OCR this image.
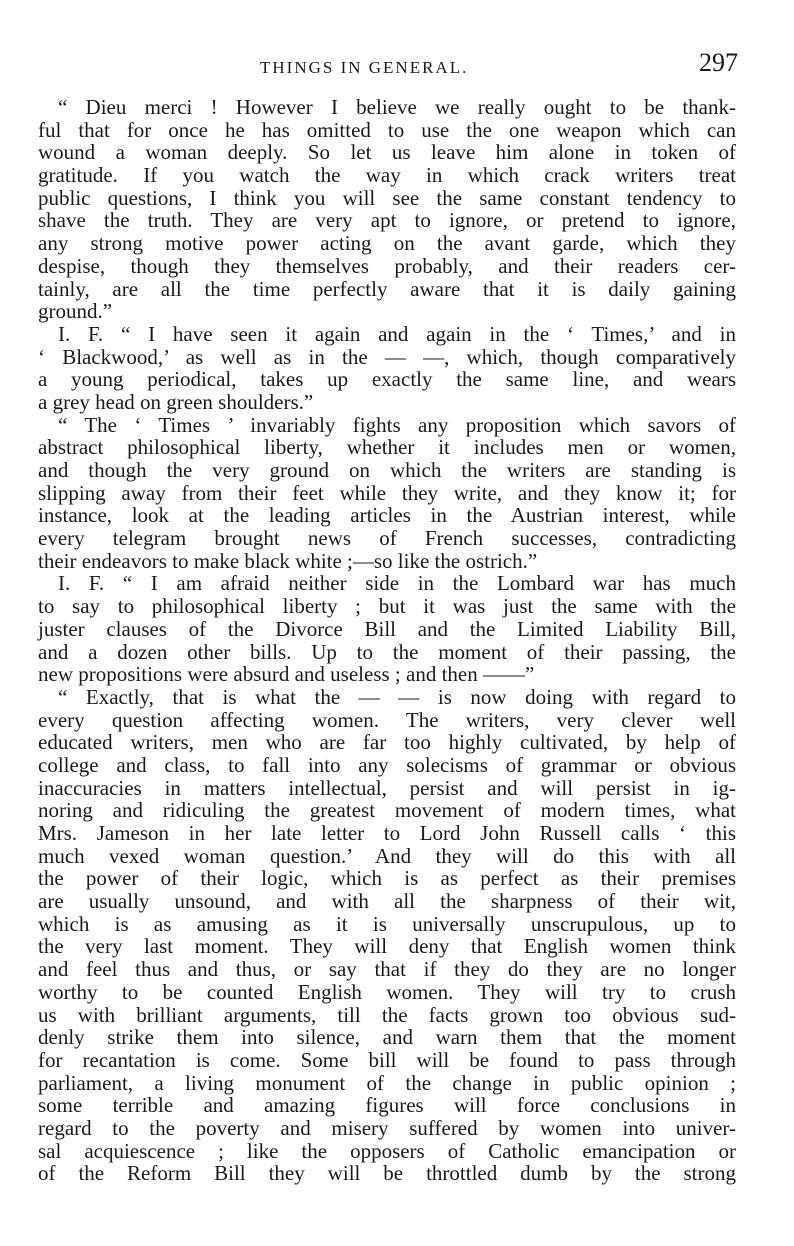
THINGS IN GENERAL.	297
“ Dieu merci ! However I believe we really ought to be thank-
ful that for once he has omitted to use the one weapon which can
wound a woman deeply. So let us leave him alone in token of
gratitude. If you watch the way in which crack writers treat
public questions, I think you will see the same constant tendency to
shave the truth. They are very apt to ignore, or pretend to ignore,
any strong motive power acting on the avant garde, which they
despise, though they themselves probably, and their readers cer-
tainly, are all the time perfectly aware that it is daily gaining
ground.”
I. F. “ I have seen it again and again in the ‘ Times,’ and in
‘ Blackwood,’ as well as in the — —, which, though comparatively
a young periodical, takes up exactly the same line, and wears
a grey head on green shoulders.”
“ The ‘ Times ’ invariably fights any proposition which savors of
abstract philosophical liberty, whether it includes men or women,
and though the very ground on which the writers are standing is
slipping away from their feet while they write, and they know it; for
instance, look at the leading articles in the Austrian interest, while
every telegram brought news of French successes, contradicting
their endeavors to make black white ;—so like the ostrich.”
I. F. “ I am afraid neither side in the Lombard war has much
to say to philosophical liberty ; but it was just the same with the
juster clauses of the Divorce Bill and the Limited Liability Bill,
and a dozen other bills. Up to the moment of their passing, the
new propositions were absurd and useless ; and then ——”
“ Exactly, that is what the — — is now doing with regard to
every question affecting women. The writers, very clever well
educated writers, men who are far too highly cultivated, by help of
college and class, to fall into any solecisms of grammar or obvious
inaccuracies in matters intellectual, persist and will persist in ig-
noring and ridiculing the greatest movement of modern times, what
Mrs. Jameson in her late letter to Lord John Russell calls ‘ this
much vexed woman question.’ And they will do this with all
the power of their logic, which is as perfect as their premises
are usually unsound, and with all the sharpness of their wit,
which is as amusing as it is universally unscrupulous, up to
the very last moment. They will deny that English women think
and feel thus and thus, or say that if they do they are no longer
worthy to be counted English women. They will try to crush
us with brilliant arguments, till the facts grown too obvious sud-
denly strike them into silence, and warn them that the moment
for recantation is come. Some bill will be found to pass through
parliament, a living monument of the change in public opinion ;
some terrible and amazing figures will force conclusions in
regard to the poverty and misery suffered by women into univer-
sal acquiescence ; like the opposers of Catholic emancipation or
of the Reform Bill they will be throttled dumb by the strong
